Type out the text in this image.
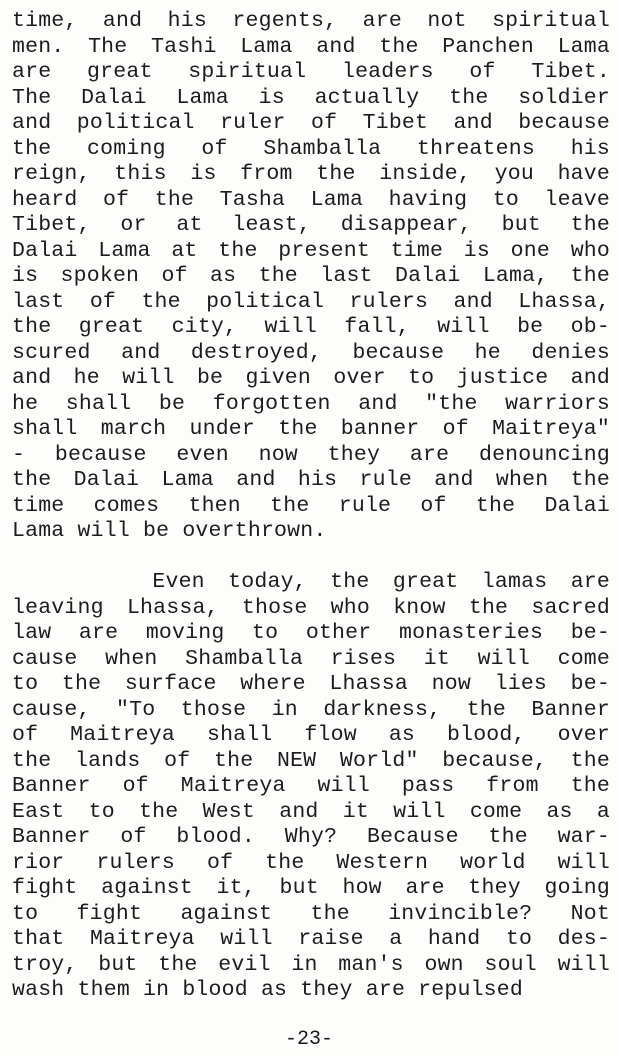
time, and his regents, are not spiritual
men. The Tashi Lama and the Panchen Lama
are great spiritual leaders of Tibet.
The Dalai Lama is actually the soldier
and political ruler of Tibet and because
the coming of Shamballa threatens his
reign, this is from the inside, you have
heard of the Tasha Lama having to leave
Tibet, or at least, disappear, but the
Dalai Lama at the present time is one who
is spoken of as the last Dalai Lama, the
last of the political rulers and Lhassa,
the great city, will fall, will be ob-
scured and destroyed, because he denies
and he will be given over to justice and
he shall be forgotten and "the warriors
shall march under the banner of Maitreya"
- because even now they are denouncing
the Dalai Lama and his rule and when the
time comes then the rule of the Dalai
Lama will be overthrown.
Even today, the great lamas are
leaving Lhassa, those who know the sacred
law are moving to other monasteries be-
cause when Shamballa rises it will come
to the surface where Lhassa now lies be-
cause, "To those in darkness, the Banner
of Maitreya shall flow as blood, over
the lands of the NEW World" because, the
Banner of Maitreya will pass from the
East to the West and it will come as a
Banner of blood. Why? Because the war-
rior rulers of the Western world will
fight against it, but how are they going
to fight against the invincible? Not
that Maitreya will raise a hand to des-
troy, but the evil in man's own soul will
wash them in blood as they are repulsed
-23-
